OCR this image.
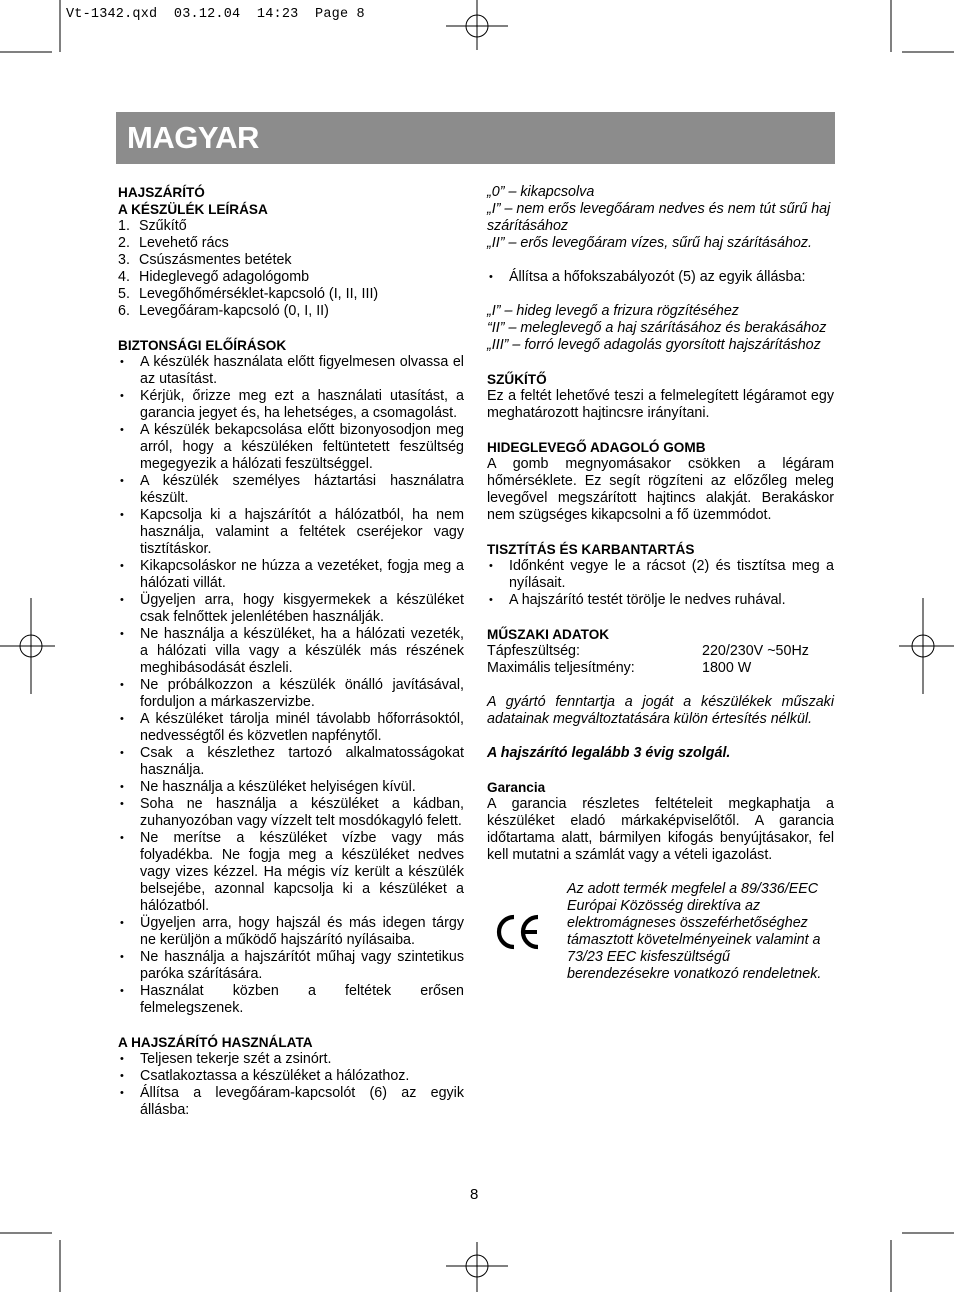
Vt-1342.qxd  03.12.04  14:23  Page 8
MAGYAR
HAJSZÁRÍTÓ
A KÉSZÜLÉK LEÍRÁSA
1. Szűkítő
2. Levehető rács
3. Csúszásmentes betétek
4. Hideglevegő adagológomb
5. Levegőhőmérséklet-kapcsoló (I, II, III)
6. Levegőáram-kapcsoló (0, I, II)
BIZTONSÁGI ELŐÍRÁSOK
• A készülék használata előtt figyelmesen olvassa el az utasítást.
• Kérjük, őrizze meg ezt a használati utasítást, a garancia jegyet és, ha lehetséges, a csomagolást.
• A készülék bekapcsolása előtt bizonyosodjon meg arról, hogy a készüléken feltüntetett feszültség megegyezik a hálózati feszültséggel.
• A készülék személyes háztartási használatra készült.
• Kapcsolja ki a hajszárítót a hálózatból, ha nem használja, valamint a feltétek cseréjekor vagy tisztításkor.
• Kikapcsoláskor ne húzza a vezetéket, fogja meg a hálózati villát.
• Ügyeljen arra, hogy kisgyermekek a készüléket csak felnőttek jelenlétében használják.
• Ne használja a készüléket, ha a hálózati vezeték, a hálózati villa vagy a készülék más részének meghibásodását észleli.
• Ne próbálkozzon a készülék önálló javításával, forduljon a márkaszervizbe.
• A készüléket tárolja minél távolabb hőforrásoktól, nedvességtől és közvetlen napfénytől.
• Csak a készlethez tartozó alkalmatosságokat használja.
• Ne használja a készüléket helyiségen kívül.
• Soha ne használja a készüléket a kádban, zuhanyozóban vagy vízzelt telt mosdókagyló felett.
• Ne merítse a készüléket vízbe vagy más folyadékba. Ne fogja meg a készüléket nedves vagy vizes kézzel. Ha mégis víz került a készülék belsejébe, azonnal kapcsolja ki a készüléket a hálózatból.
• Ügyeljen arra, hogy hajszál és más idegen tárgy ne kerüljön a működő hajszárító nyílásaiba.
• Ne használja a hajszárítót műhaj vagy szintetikus paróka szárítására.
• Használat közben a feltétek erősen felmelegszenek.
A HAJSZÁRÍTÓ HASZNÁLATA
• Teljesen tekerje szét a zsinórt.
• Csatlakoztassa a készüléket a hálózathoz.
• Állítsa a levegőáram-kapcsolót (6) az egyik állásba:
„0” – kikapcsolva
„I” – nem erős levegőáram nedves és nem tút sűrű haj szárításához
„II” – erős levegőáram vízes, sűrű haj szárításához.
• Állítsa a hőfokszabályozót (5) az egyik állásba:
„I” – hideg levegő a frizura rögzítéséhez
“II” – meleglevegő a haj szárításához és berakásához
„III” – forró levegő adagolás gyorsított hajszárításhoz
SZŰKÍTŐ
Ez a feltét lehetővé teszi a felmelegített légáramot egy meghatározott hajtincsre irányítani.
HIDEGLEVEGŐ ADAGOLÓ GOMB
A gomb megnyomásakor csökken a légáram hőmérséklete. Ez segít rögzíteni az előzőleg meleg levegővel megszárított hajtincs alakját. Berakáskor nem szügséges kikapcsolni a fő üzemmódot.
TISZTÍTÁS ÉS KARBANTARTÁS
• Időnként vegye le a rácsot (2) és tisztítsa meg a nyílásait.
• A hajszárító testét törölje le nedves ruhával.
MŰSZAKI ADATOK
Tápfeszültség:	220/230V ~50Hz
Maximális teljesítmény:	1800 W
A gyártó fenntartja a jogát a készülékek műszaki adatainak megváltoztatására külön értesítés nélkül.
A hajszárító legalább 3 évig szolgál.
Garancia
A garancia részletes feltételeit megkaphatja a készüléket eladó márkaképviselőtől. A garancia időtartama alatt, bármilyen kifogás benyújtásakor, fel kell mutatni a számlát vagy a vételi igazolást.
Az adott termék megfelel a 89/336/EEC Európai Közösség direktíva az elektromágneses összeférhetőséghez támasztott követelményeinek valamint a 73/23 EEC kisfeszültségű berendezésekre vonatkozó rendeletnek.
8
